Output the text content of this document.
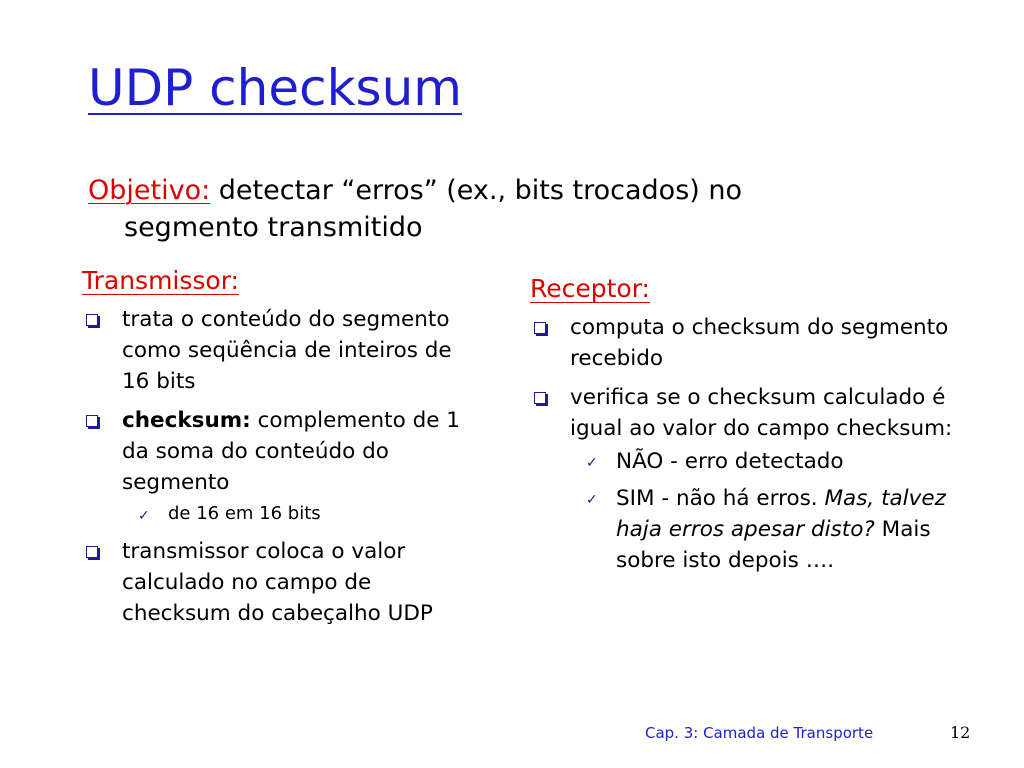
UDP checksum
Objetivo: detectar “erros” (ex., bits trocados) no
segmento transmitido
Transmissor:
trata o conteúdo do segmento como seqüência de inteiros de 16 bits
checksum: complemento de 1 da soma do conteúdo do segmento
✓ de 16 em 16 bits
transmissor coloca o valor calculado no campo de checksum do cabeçalho UDP
Receptor:
computa o checksum do segmento recebido
verifica se o checksum calculado é igual ao valor do campo checksum:
✓ NÃO - erro detectado
✓ SIM - não há erros. Mas, talvez haja erros apesar disto? Mais sobre isto depois ….
Cap. 3: Camada de Transporte	12
